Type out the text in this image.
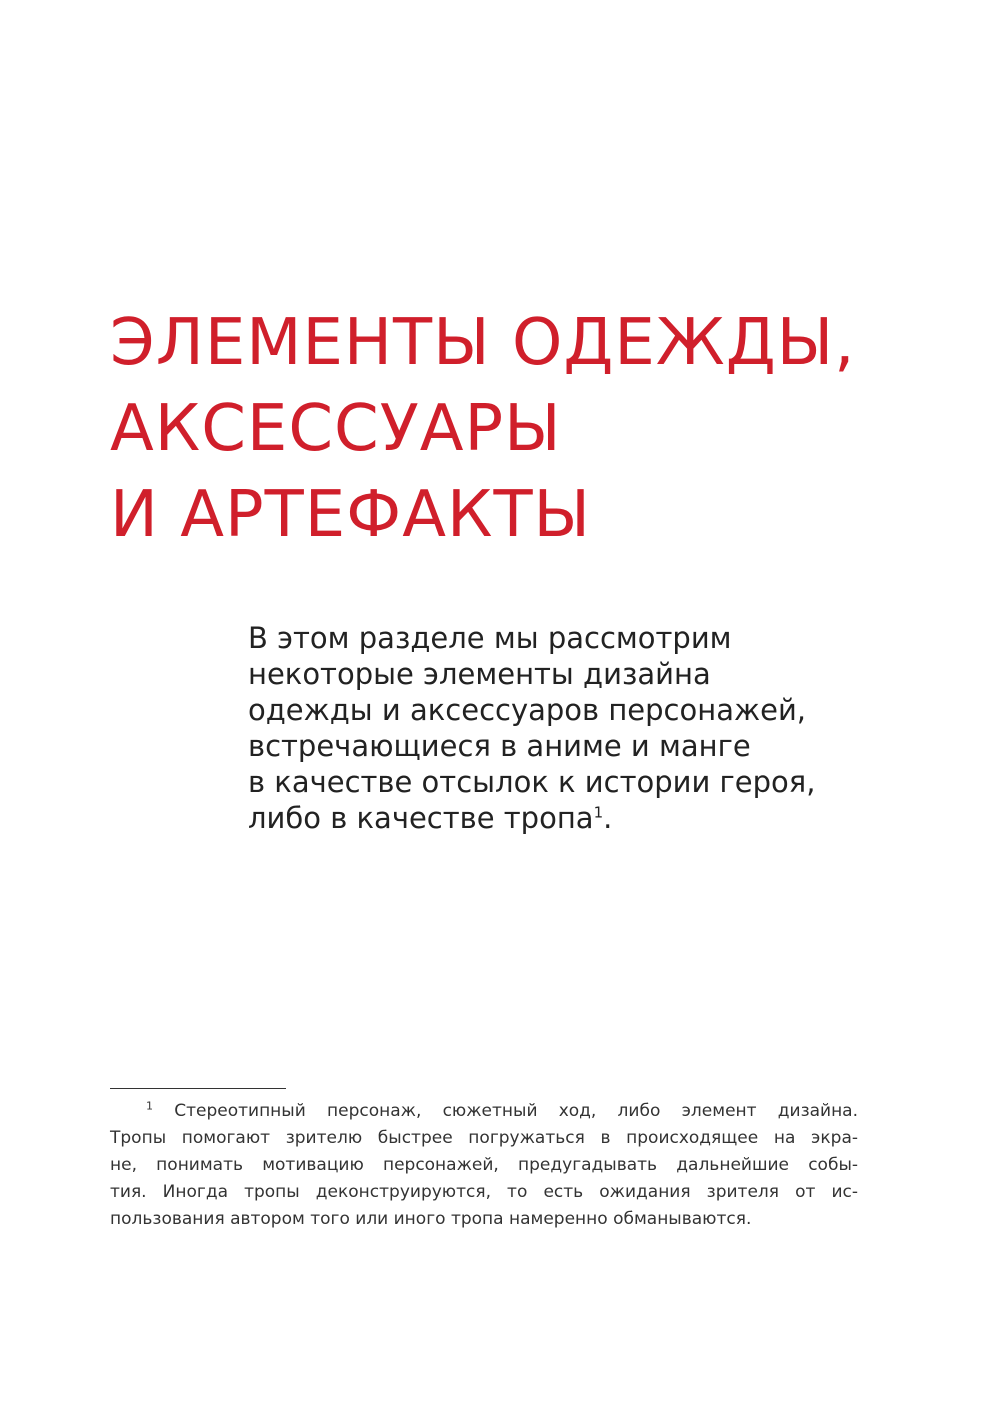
ЭЛЕМЕНТЫ ОДЕЖДЫ,
АКСЕССУАРЫ
И АРТЕФАКТЫ

В этом разделе мы рассмотрим
некоторые элементы дизайна
одежды и аксессуаров персонажей,
встречающиеся в аниме и манге
в качестве отсылок к истории героя,
либо в качестве тропа$^1$.

$^1$ Стереотипный персонаж, сюжетный ход, либо элемент дизайна.
Тропы помогают зрителю быстрее погружаться в происходящее на экра-
не, понимать мотивацию персонажей, предугадывать дальнейшие собы-
тия. Иногда тропы деконструируются, то есть ожидания зрителя от ис-
пользования автором того или иного тропа намеренно обманываются.
